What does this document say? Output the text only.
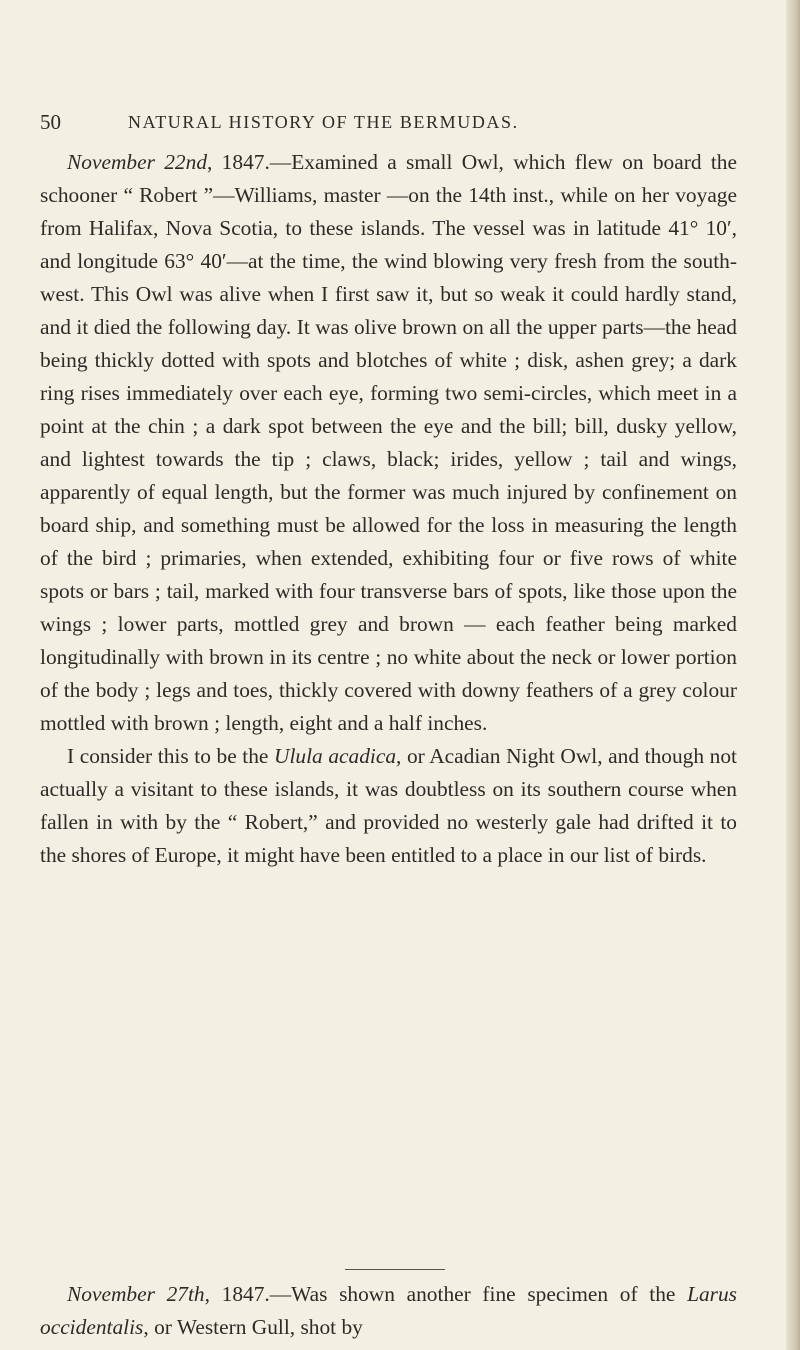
50	NATURAL HISTORY OF THE BERMUDAS.

November 22nd, 1847.—Examined a small Owl, which flew on board the schooner “ Robert ”—Williams, master —on the 14th inst., while on her voyage from Halifax, Nova Scotia, to these islands. The vessel was in latitude 41° 10′, and longitude 63° 40′—at the time, the wind blowing very fresh from the south-west. This Owl was alive when I first saw it, but so weak it could hardly stand, and it died the following day. It was olive brown on all the upper parts—the head being thickly dotted with spots and blotches of white ; disk, ashen grey; a dark ring rises immediately over each eye, forming two semi-circles, which meet in a point at the chin ; a dark spot between the eye and the bill; bill, dusky yellow, and lightest towards the tip ; claws, black; irides, yellow ; tail and wings, apparently of equal length, but the former was much injured by confinement on board ship, and something must be allowed for the loss in measuring the length of the bird ; primaries, when extended, exhibiting four or five rows of white spots or bars ; tail, marked with four transverse bars of spots, like those upon the wings ; lower parts, mottled grey and brown — each feather being marked longitudinally with brown in its centre ; no white about the neck or lower portion of the body ; legs and toes, thickly covered with downy feathers of a grey colour mottled with brown ; length, eight and a half inches.

I consider this to be the Ulula acadica, or Acadian Night Owl, and though not actually a visitant to these islands, it was doubtless on its southern course when fallen in with by the “ Robert,” and provided no westerly gale had drifted it to the shores of Europe, it might have been entitled to a place in our list of birds.

November 27th, 1847.—Was shown another fine specimen of the Larus occidentalis, or Western Gull, shot by
